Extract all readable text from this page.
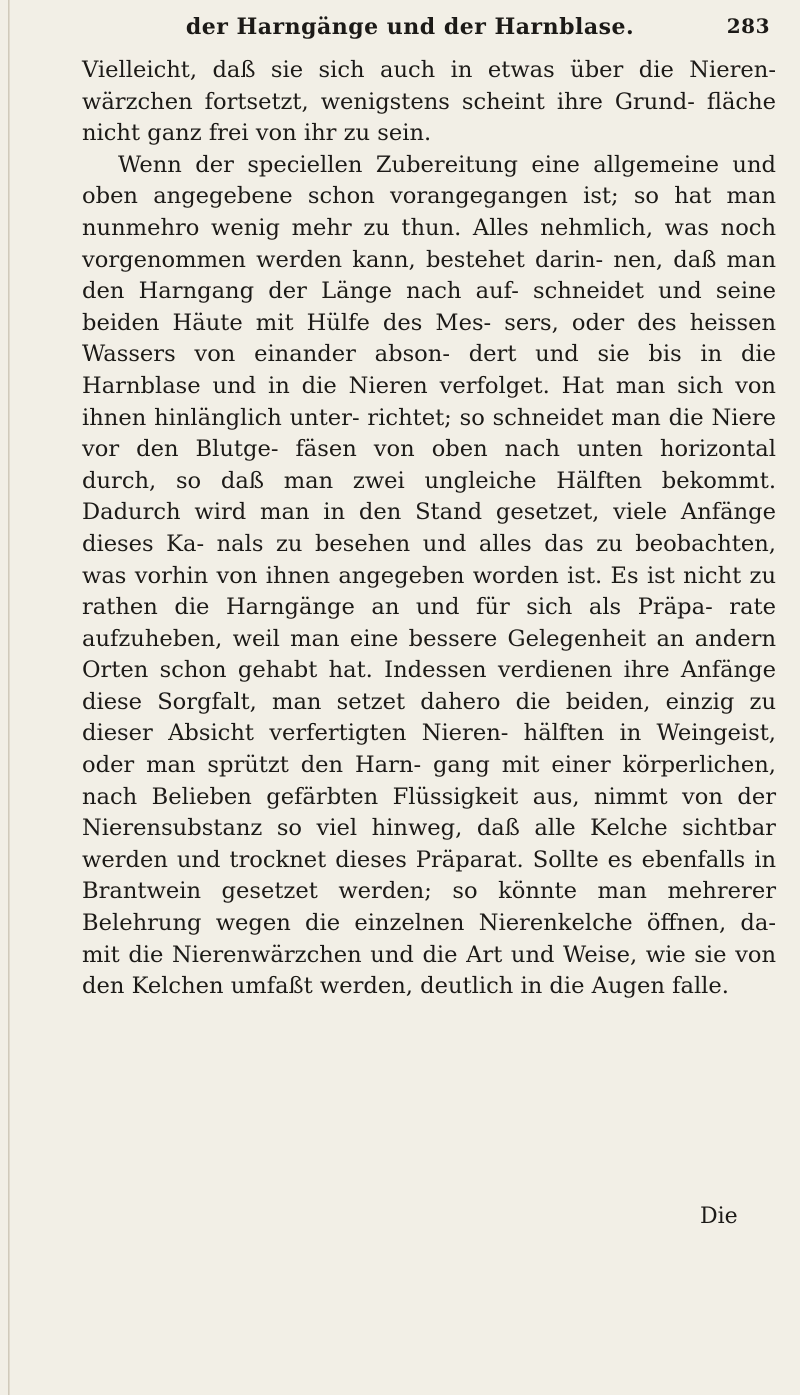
der Harngänge und der Harnblase.	283

Vielleicht, daß sie sich auch in etwas über die Nieren- wärzchen fortsetzt, wenigstens scheint ihre Grund- fläche nicht ganz frei von ihr zu sein.

Wenn der speciellen Zubereitung eine allgemeine und oben angegebene schon vorangegangen ist; so hat man nunmehro wenig mehr zu thun. Alles nehmlich, was noch vorgenommen werden kann, bestehet darin- nen, daß man den Harngang der Länge nach auf- schneidet und seine beiden Häute mit Hülfe des Mes- sers, oder des heissen Wassers von einander abson- dert und sie bis in die Harnblase und in die Nieren verfolget. Hat man sich von ihnen hinlänglich unter- richtet; so schneidet man die Niere vor den Blutge- fäsen von oben nach unten horizontal durch, so daß man zwei ungleiche Hälften bekommt. Dadurch wird man in den Stand gesetzet, viele Anfänge dieses Ka- nals zu besehen und alles das zu beobachten, was vorhin von ihnen angegeben worden ist. Es ist nicht zu rathen die Harngänge an und für sich als Präpa- rate aufzuheben, weil man eine bessere Gelegenheit an andern Orten schon gehabt hat. Indessen verdienen ihre Anfänge diese Sorgfalt, man setzet dahero die beiden, einzig zu dieser Absicht verfertigten Nieren- hälften in Weingeist, oder man sprützt den Harn- gang mit einer körperlichen, nach Belieben gefärbten Flüssigkeit aus, nimmt von der Nierensubstanz so viel hinweg, daß alle Kelche sichtbar werden und trocknet dieses Präparat. Sollte es ebenfalls in Brantwein gesetzet werden; so könnte man mehrerer Belehrung wegen die einzelnen Nierenkelche öffnen, da- mit die Nierenwärzchen und die Art und Weise, wie sie von den Kelchen umfaßt werden, deutlich in die Augen falle.

Die
